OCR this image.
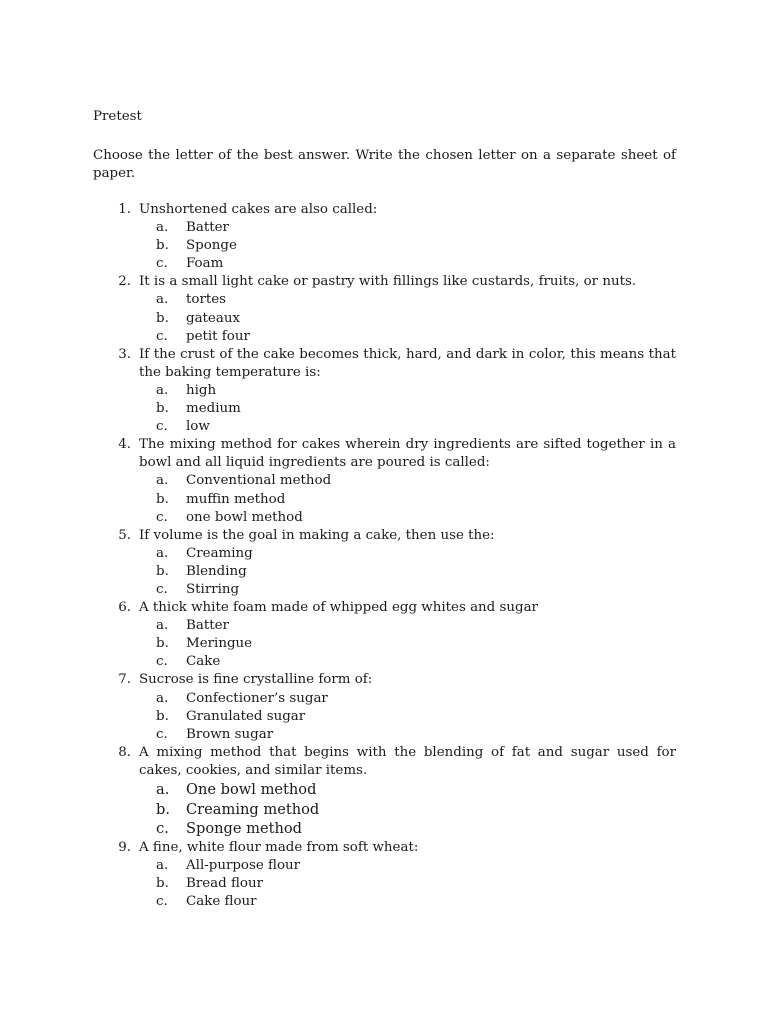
Pretest
Choose the letter of the best answer. Write the chosen letter on a separate sheet of paper.
1. Unshortened cakes are also called:
a.	Batter
b.	Sponge
c.	Foam
2. It is a small light cake or pastry with fillings like custards, fruits, or nuts.
a.	tortes
b.	gateaux
c.	petit four
3. If the crust of the cake becomes thick, hard, and dark in color, this means that the baking temperature is:
a.	high
b.	medium
c.	low
4. The mixing method for cakes wherein dry ingredients are sifted together in a bowl and all liquid ingredients are poured is called:
a.	Conventional method
b.	muffin method
c.	one bowl method
5. If volume is the goal in making a cake, then use the:
a.	Creaming
b.	Blending
c.	Stirring
6. A thick white foam made of whipped egg whites and sugar
a.	Batter
b.	Meringue
c.	Cake
7. Sucrose is fine crystalline form of:
a.	Confectioner’s sugar
b.	Granulated sugar
c.	Brown sugar
8. A mixing method that begins with the blending of fat and sugar used for cakes, cookies, and similar items.
a.	One bowl method
b.	Creaming method
c.	Sponge method
9. A fine, white flour made from soft wheat:
a.	All-purpose flour
b.	Bread flour
c.	Cake flour
